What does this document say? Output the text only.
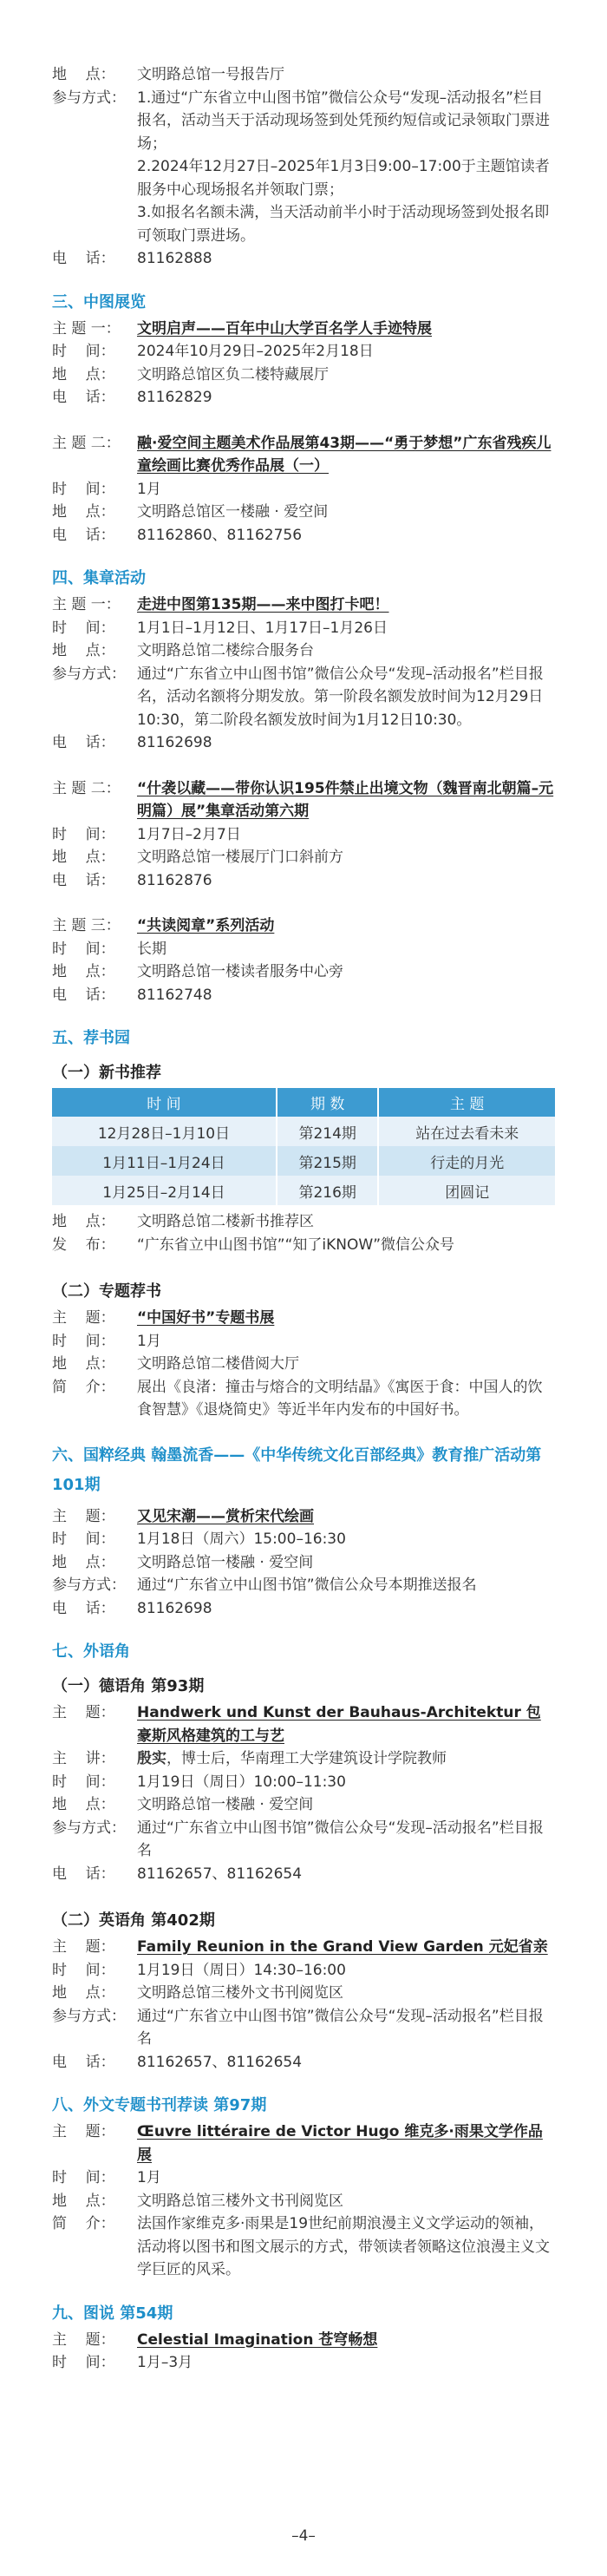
地    点：	文明路总馆一号报告厅
参与方式： 1.通过“广东省立中山图书馆”微信公众号“发现–活动报名”栏目报名，活动当天于活动现场签到处凭预约短信或记录领取门票进场；
2.2024年12月27日–2025年1月3日9:00–17:00于主题馆读者服务中心现场报名并领取门票；
3.如报名名额未满，当天活动前半小时于活动现场签到处报名即可领取门票进场。
电    话：	81162888
三、中图展览
主 题 一：	文明启声——百年中山大学百名学人手迹特展
时    间：	2024年10月29日–2025年2月18日
地    点：	文明路总馆区负二楼特藏展厅
电    话：	81162829
主 题 二：	融·爱空间主题美术作品展第43期——“勇于梦想”广东省残疾儿童绘画比赛优秀作品展（一）
时    间：	1月
地    点：	文明路总馆区一楼融 · 爱空间
电    话：	81162860、81162756
四、集章活动
主 题 一：	走进中图第135期——来中图打卡吧！
时    间：	1月1日–1月12日、1月17日–1月26日
地    点：	文明路总馆二楼综合服务台
参与方式： 通过“广东省立中山图书馆”微信公众号“发现–活动报名”栏目报名，活动名额将分期发放。第一阶段名额发放时间为12月29日10:30，第二阶段名额发放时间为1月12日10:30。
电    话：	81162698
主 题 二：	“什袭以藏——带你认识195件禁止出境文物（魏晋南北朝篇–元明篇）展”集章活动第六期
时    间：	1月7日–2月7日
地    点：	文明路总馆一楼展厅门口斜前方
电    话：	81162876
主 题 三：	“共读阅章”系列活动
时    间：	长期
地    点：	文明路总馆一楼读者服务中心旁
电    话：	81162748
五、荐书园
（一）新书推荐
时 间	期 数	主 题
12月28日–1月10日	第214期	站在过去看未来
1月11日–1月24日	第215期	行走的月光
1月25日–2月14日	第216期	团圆记
地    点：	文明路总馆二楼新书推荐区
发    布：	“广东省立中山图书馆”“知了iKNOW”微信公众号
（二）专题荐书
主    题：	“中国好书”专题书展
时    间：	1月
地    点：	文明路总馆二楼借阅大厅
简    介：	展出《良渚：撞击与熔合的文明结晶》《寓医于食：中国人的饮食智慧》《退烧简史》等近半年内发布的中国好书。
六、国粹经典 翰墨流香——《中华传统文化百部经典》教育推广活动第101期
主    题：	又见宋潮——赏析宋代绘画
时    间：	1月18日（周六）15:00–16:30
地    点：	文明路总馆一楼融 · 爱空间
参与方式： 通过“广东省立中山图书馆”微信公众号本期推送报名
电    话：	81162698
七、外语角
（一）德语角 第93期
主    题：	Handwerk und Kunst der Bauhaus-Architektur 包豪斯风格建筑的工与艺
主    讲：	殷实，博士后，华南理工大学建筑设计学院教师
时    间：	1月19日（周日）10:00–11:30
地    点：	文明路总馆一楼融 · 爱空间
参与方式： 通过“广东省立中山图书馆”微信公众号“发现–活动报名”栏目报名
电    话：	81162657、81162654
（二）英语角 第402期
主    题：	Family Reunion in the Grand View Garden 元妃省亲
时    间：	1月19日（周日）14:30–16:00
地    点：	文明路总馆三楼外文书刊阅览区
参与方式： 通过“广东省立中山图书馆”微信公众号“发现–活动报名”栏目报名
电    话：	81162657、81162654
八、外文专题书刊荐读 第97期
主    题：	Œuvre littéraire de Victor Hugo 维克多·雨果文学作品展
时    间：	1月
地    点：	文明路总馆三楼外文书刊阅览区
简    介：	法国作家维克多·雨果是19世纪前期浪漫主义文学运动的领袖，活动将以图书和图文展示的方式，带领读者领略这位浪漫主义文学巨匠的风采。
九、图说 第54期
主    题：	Celestial Imagination 苍穹畅想
时    间：	1月–3月
–4–
